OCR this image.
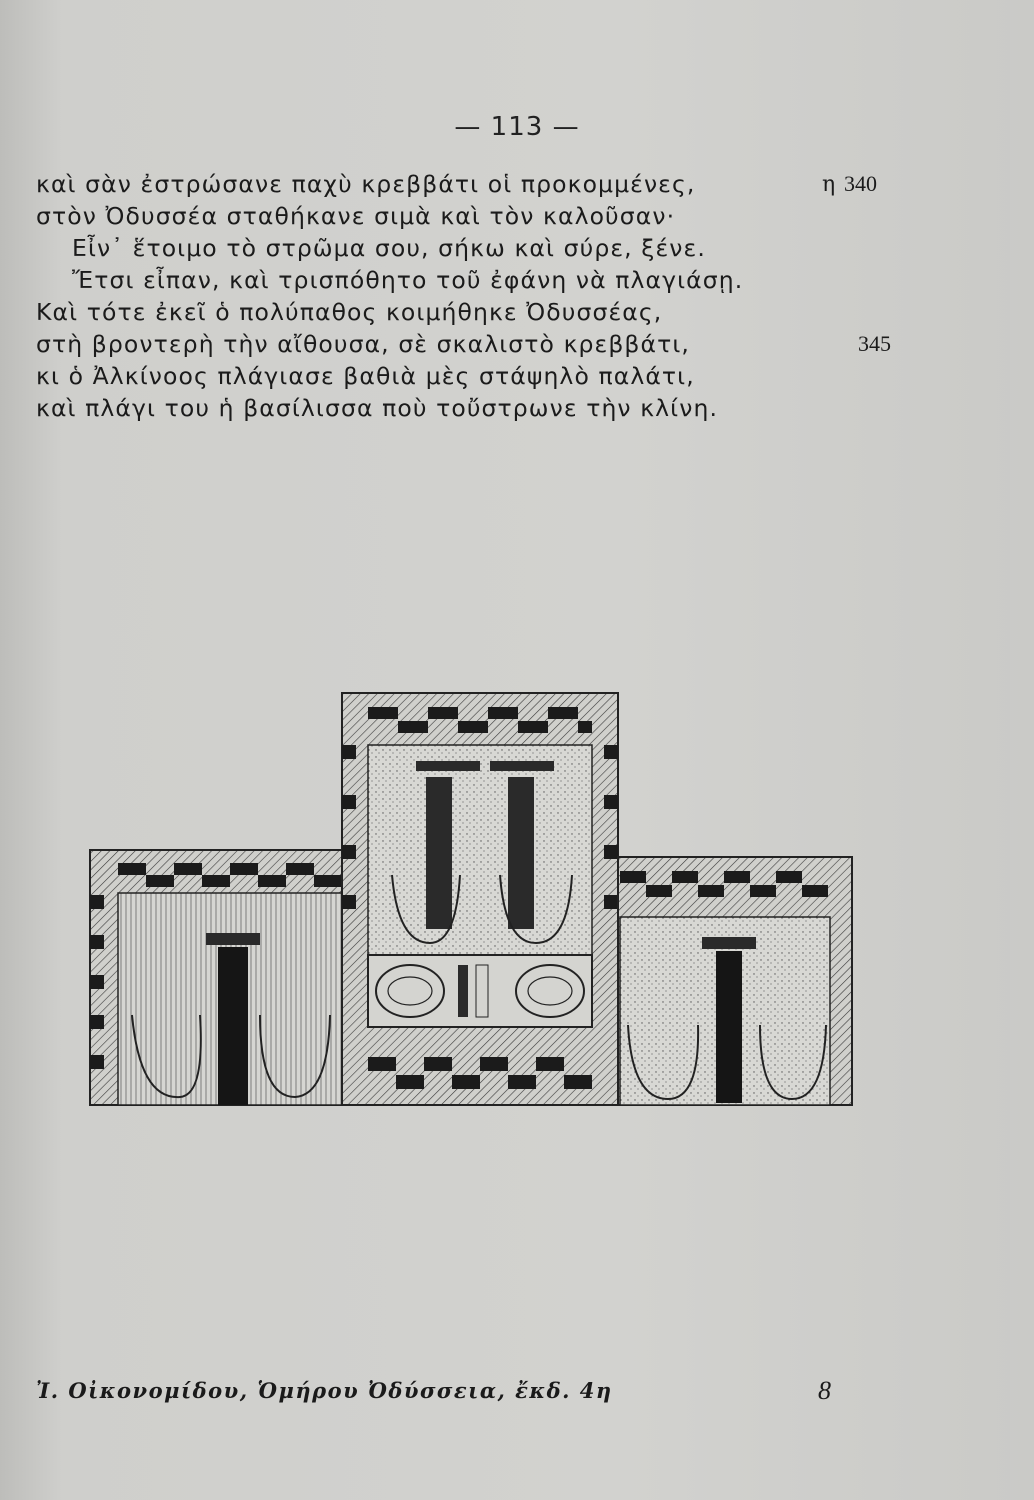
— 113 —
καὶ σὰν ἐστρώσανε παχὺ κρεββάτι οἱ προκομμένες,	η 340
στὸν Ὀδυσσέα σταθήκανε σιμὰ καὶ τὸν καλοῦσαν·
Εἶν᾽ ἕτοιμο τὸ στρῶμα σου, σήκω καὶ σύρε, ξένε.
Ἔτσι εἶπαν, καὶ τρισπόθητο τοῦ ἐφάνη νὰ πλαγιάσῃ.
Καὶ τότε ἐκεῖ ὁ πολύπαθος κοιμήθηκε Ὀδυσσέας,
στὴ βροντερὴ τὴν αἴθουσα, σὲ σκαλιστὸ κρεββάτι,	345
κι ὁ Ἀλκίνοος πλάγιασε βαθιὰ μὲς στάψηλὸ παλάτι,
καὶ πλάγι του ἡ βασίλισσα ποὺ τοὔστρωνε τὴν κλίνη.
Ἰ. Οἰκονομίδου, Ὁμήρου Ὀδύσσεια, ἔκδ. 4η	8
